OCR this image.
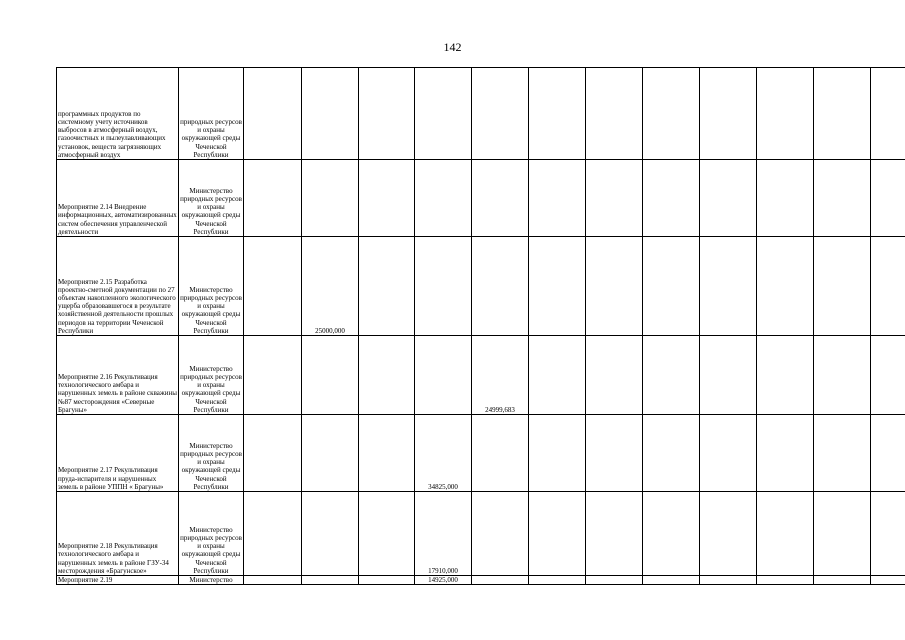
142
программных продуктов по системному учету источников выбросов в атмосферный воздух, газоочистных и пылеулавливающих установок, веществ загрязняющих атмосферный воздух	природных ресурсов и охраны окружающей среды Чеченской Республики												
Мероприятие 2.14 Внедрение информационных, автоматизированных систем обеспечения управленческой деятельности	Министерство природных ресурсов и охраны окружающей среды Чеченской Республики												
Мероприятие 2.15 Разработка проектно-сметной документации по 27 объектам накопленного экологического ущерба образовавшегося в результате хозяйственной деятельности прошлых периодов на территории Чеченской Республики	Министерство природных ресурсов и охраны окружающей среды Чеченской Республики		25000,000										
Мероприятие 2.16 Рекультивация технологического амбара и нарушенных земель в районе скважины №87 месторождения «Северные Брагуны»	Министерство природных ресурсов и охраны окружающей среды Чеченской Республики					24999,683							
Мероприятие 2.17 Рекультивация пруда-испарителя и нарушенных земель в районе УППН « Брагуны»	Министерство природных ресурсов и охраны окружающей среды Чеченской Республики				34825,000								
Мероприятие 2.18 Рекультивация технологического амбара и нарушенных земель в районе ГЗУ-34 месторождения «Брагунское»	Министерство природных ресурсов и охраны окружающей среды Чеченской Республики				17910,000								
Мероприятие 2.19	Министерство				14925,000								
